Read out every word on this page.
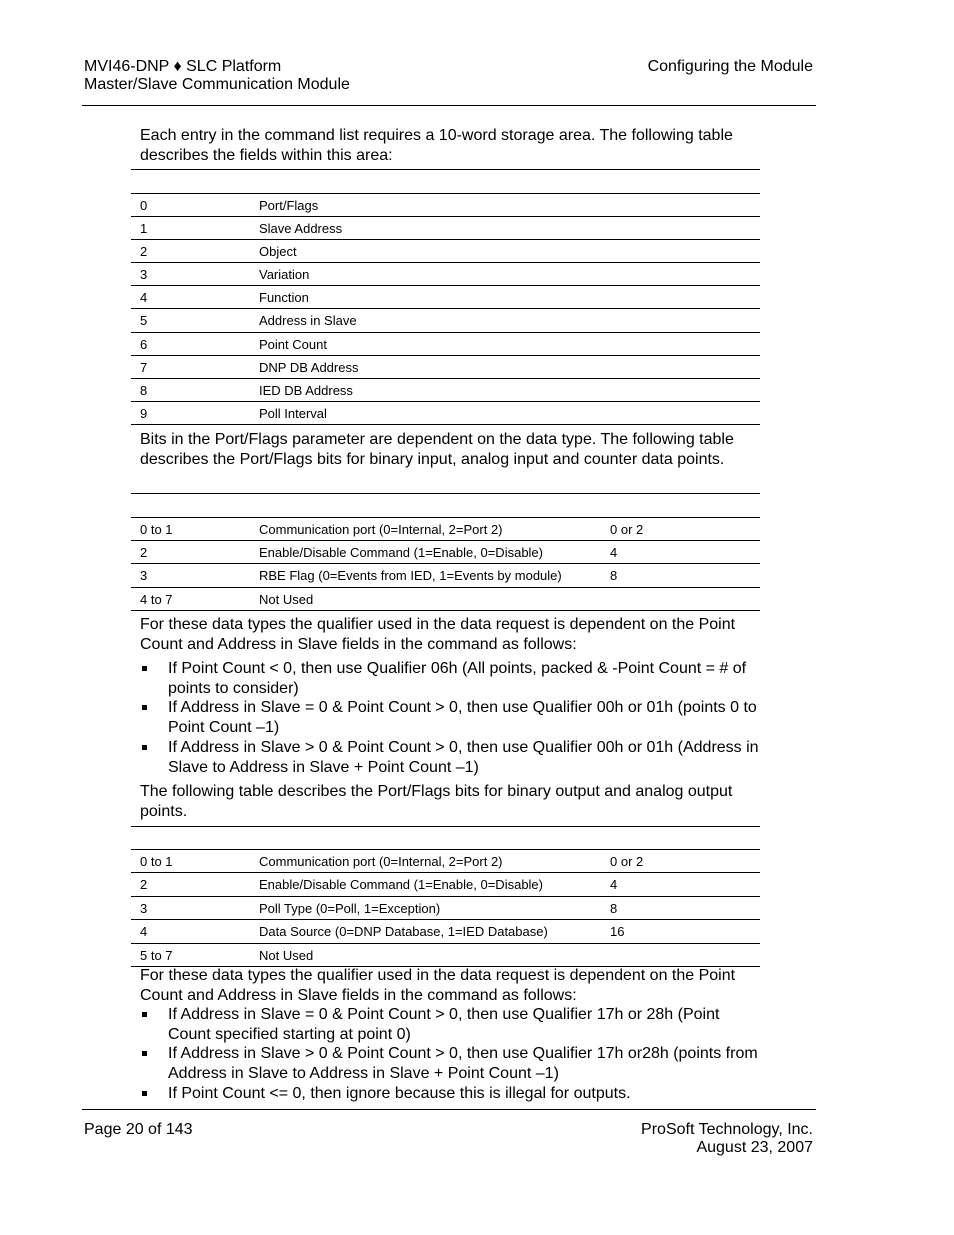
MVI46-DNP ♦ SLC Platform
Master/Slave Communication Module
Configuring the Module
Each entry in the command list requires a 10-word storage area. The following table describes the fields within this area:
0	Port/Flags
1	Slave Address
2	Object
3	Variation
4	Function
5	Address in Slave
6	Point Count
7	DNP DB Address
8	IED DB Address
9	Poll Interval
Bits in the Port/Flags parameter are dependent on the data type. The following table describes the Port/Flags bits for binary input, analog input and counter data points.
0 to 1	Communication port (0=Internal, 2=Port 2)	0 or 2
2	Enable/Disable Command (1=Enable, 0=Disable)	4
3	RBE Flag (0=Events from IED, 1=Events by module)	8
4 to 7	Not Used
For these data types the qualifier used in the data request is dependent on the Point Count and Address in Slave fields in the command as follows:
If Point Count < 0, then use Qualifier 06h (All points, packed & -Point Count = # of points to consider)
If Address in Slave = 0 & Point Count > 0, then use Qualifier 00h or 01h (points 0 to Point Count –1)
If Address in Slave > 0 & Point Count > 0, then use Qualifier 00h or 01h (Address in Slave to Address in Slave + Point Count –1)
The following table describes the Port/Flags bits for binary output and analog output points.
0 to 1	Communication port (0=Internal, 2=Port 2)	0 or 2
2	Enable/Disable Command (1=Enable, 0=Disable)	4
3	Poll Type (0=Poll, 1=Exception)	8
4	Data Source (0=DNP Database, 1=IED Database)	16
5 to 7	Not Used
For these data types the qualifier used in the data request is dependent on the Point Count and Address in Slave fields in the command as follows:
If Address in Slave = 0 & Point Count > 0, then use Qualifier 17h or 28h (Point Count specified starting at point 0)
If Address in Slave > 0 & Point Count > 0, then use Qualifier 17h or28h (points from Address in Slave to Address in Slave + Point Count –1)
If Point Count <= 0, then ignore because this is illegal for outputs.
Page 20 of 143	ProSoft Technology, Inc.
August 23, 2007
